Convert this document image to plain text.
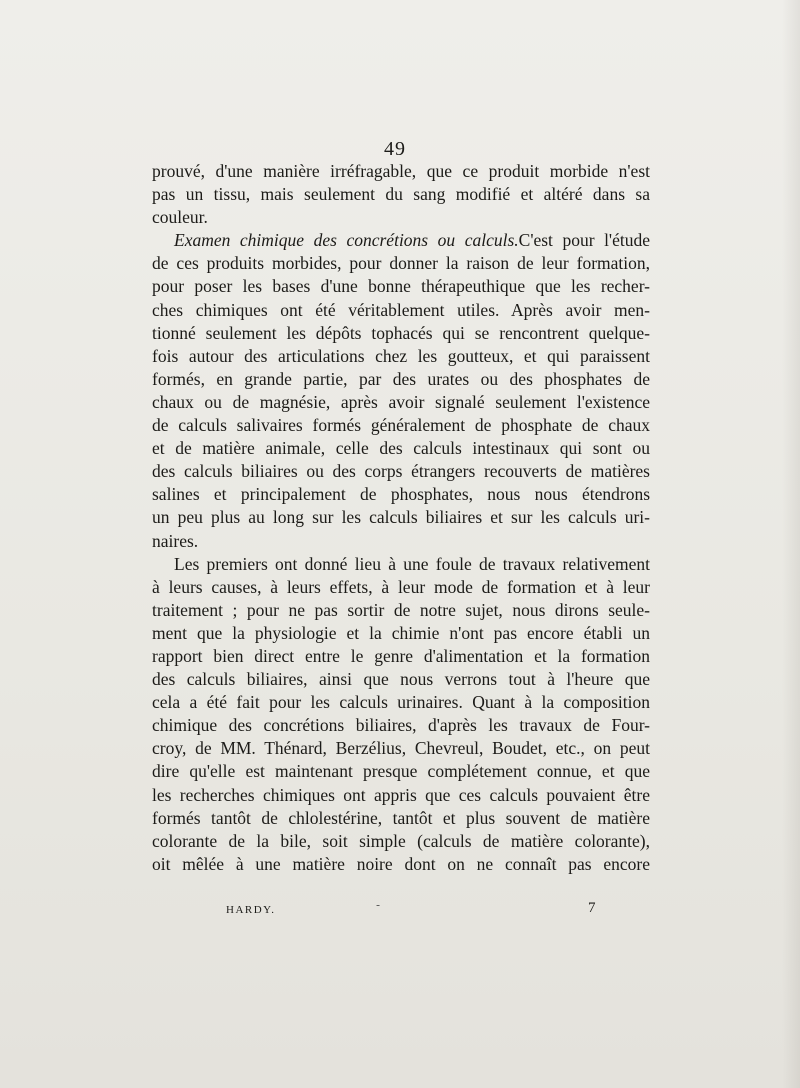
49
prouvé, d'une manière irréfragable, que ce produit morbide n'est
pas un tissu, mais seulement du sang modifié et altéré dans sa
couleur.
Examen chimique des concrétions ou calculs.C'est pour l'étude
de ces produits morbides, pour donner la raison de leur formation,
pour poser les bases d'une bonne thérapeuthique que les recher-
ches chimiques ont été véritablement utiles. Après avoir men-
tionné seulement les dépôts tophacés qui se rencontrent quelque-
fois autour des articulations chez les goutteux, et qui paraissent
formés, en grande partie, par des urates ou des phosphates de
chaux ou de magnésie, après avoir signalé seulement l'existence
de calculs salivaires formés généralement de phosphate de chaux
et de matière animale, celle des calculs intestinaux qui sont ou
des calculs biliaires ou des corps étrangers recouverts de matières
salines et principalement de phosphates, nous nous étendrons
un peu plus au long sur les calculs biliaires et sur les calculs uri-
naires.
Les premiers ont donné lieu à une foule de travaux relativement
à leurs causes, à leurs effets, à leur mode de formation et à leur
traitement ; pour ne pas sortir de notre sujet, nous dirons seule-
ment que la physiologie et la chimie n'ont pas encore établi un
rapport bien direct entre le genre d'alimentation et la formation
des calculs biliaires, ainsi que nous verrons tout à l'heure que
cela a été fait pour les calculs urinaires. Quant à la composition
chimique des concrétions biliaires, d'après les travaux de Four-
croy, de MM. Thénard, Berzélius, Chevreul, Boudet, etc., on peut
dire qu'elle est maintenant presque complétement connue, et que
les recherches chimiques ont appris que ces calculs pouvaient être
formés tantôt de chlolestérine, tantôt et plus souvent de matière
colorante de la bile, soit simple (calculs de matière colorante),
oit mêlée à une matière noire dont on ne connaît pas encore
HARDY.	-	7
